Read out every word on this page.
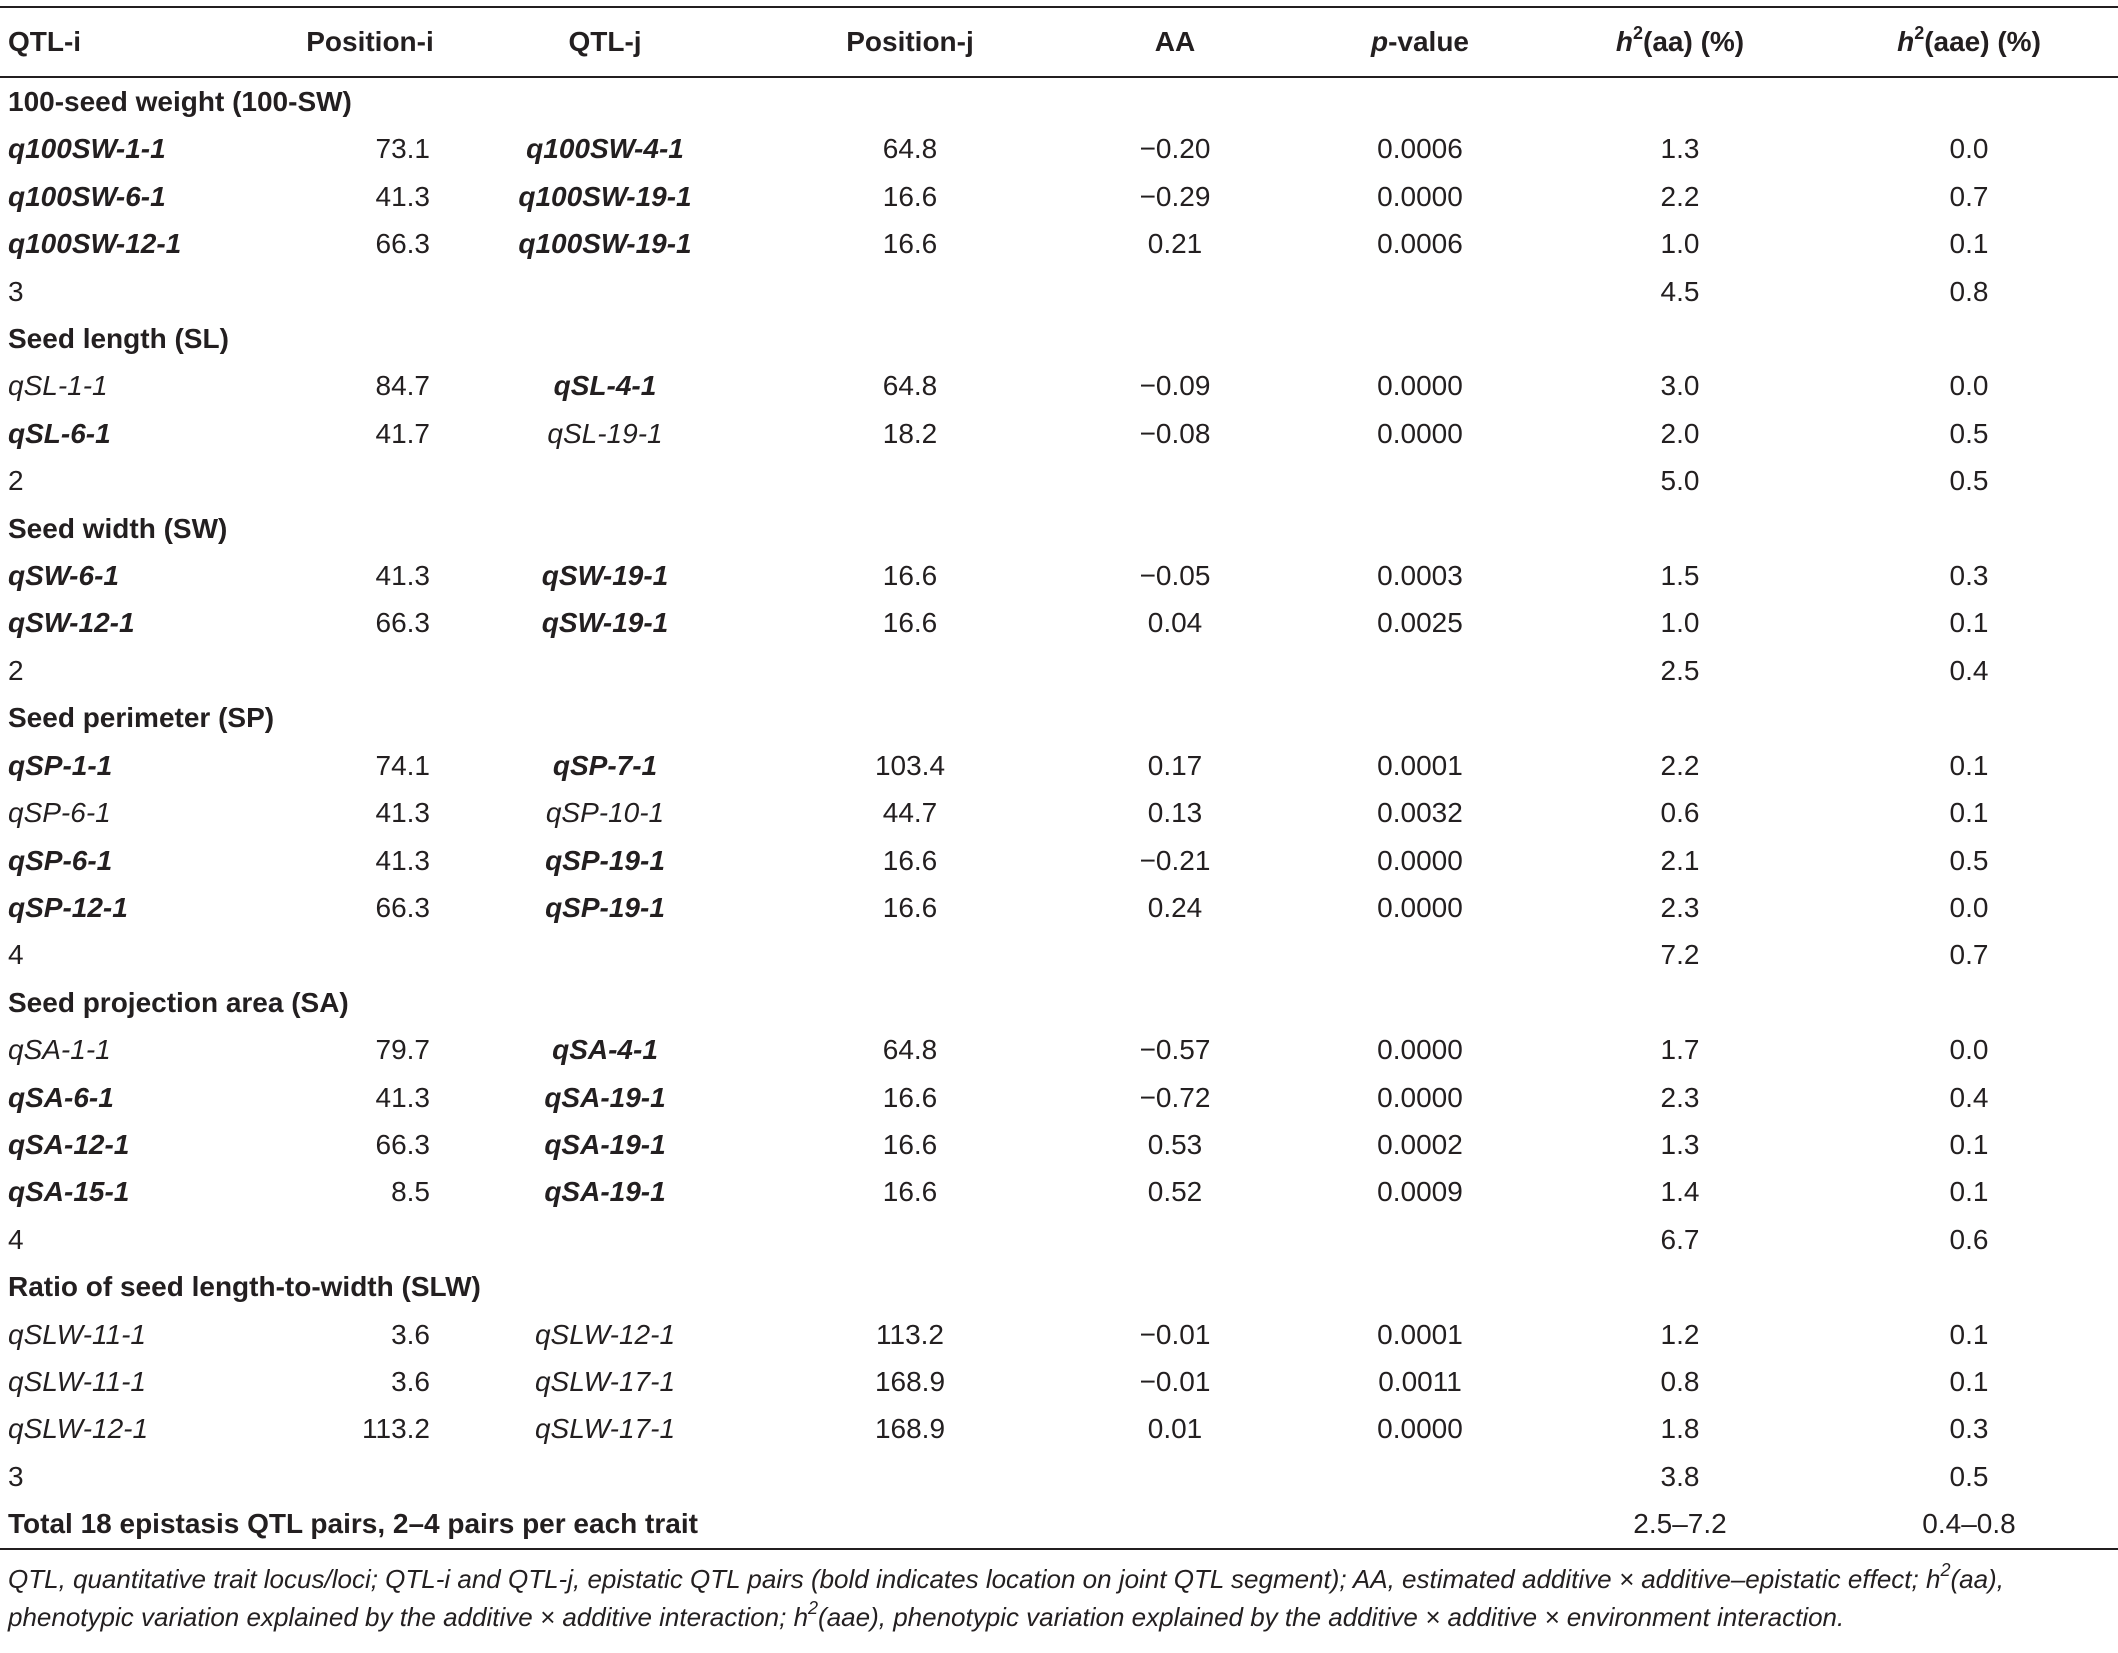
QTL-i	Position-i	QTL-j	Position-j	AA	p-value	$h^2(aa)$ (%)	$h^2(aae)$ (%)
100-seed weight (100-SW)							
q100SW-1-1	73.1	q100SW-4-1	64.8	−0.20	0.0006	1.3	0.0
q100SW-6-1	41.3	q100SW-19-1	16.6	−0.29	0.0000	2.2	0.7
q100SW-12-1	66.3	q100SW-19-1	16.6	0.21	0.0006	1.0	0.1
3						4.5	0.8
Seed length (SL)							
qSL-1-1	84.7	qSL-4-1	64.8	−0.09	0.0000	3.0	0.0
qSL-6-1	41.7	qSL-19-1	18.2	−0.08	0.0000	2.0	0.5
2						5.0	0.5
Seed width (SW)							
qSW-6-1	41.3	qSW-19-1	16.6	−0.05	0.0003	1.5	0.3
qSW-12-1	66.3	qSW-19-1	16.6	0.04	0.0025	1.0	0.1
2						2.5	0.4
Seed perimeter (SP)							
qSP-1-1	74.1	qSP-7-1	103.4	0.17	0.0001	2.2	0.1
qSP-6-1	41.3	qSP-10-1	44.7	0.13	0.0032	0.6	0.1
qSP-6-1	41.3	qSP-19-1	16.6	−0.21	0.0000	2.1	0.5
qSP-12-1	66.3	qSP-19-1	16.6	0.24	0.0000	2.3	0.0
4						7.2	0.7
Seed projection area (SA)							
qSA-1-1	79.7	qSA-4-1	64.8	−0.57	0.0000	1.7	0.0
qSA-6-1	41.3	qSA-19-1	16.6	−0.72	0.0000	2.3	0.4
qSA-12-1	66.3	qSA-19-1	16.6	0.53	0.0002	1.3	0.1
qSA-15-1	8.5	qSA-19-1	16.6	0.52	0.0009	1.4	0.1
4						6.7	0.6
Ratio of seed length-to-width (SLW)							
qSLW-11-1	3.6	qSLW-12-1	113.2	−0.01	0.0001	1.2	0.1
qSLW-11-1	3.6	qSLW-17-1	168.9	−0.01	0.0011	0.8	0.1
qSLW-12-1	113.2	qSLW-17-1	168.9	0.01	0.0000	1.8	0.3
3						3.8	0.5
Total 18 epistasis QTL pairs, 2–4 pairs per each trait						2.5–7.2	0.4–0.8
QTL, quantitative trait locus/loci; QTL-i and QTL-j, epistatic QTL pairs (bold indicates location on joint QTL segment); AA, estimated additive × additive–epistatic effect; $h^2(aa)$, phenotypic variation explained by the additive × additive interaction; $h^2(aae)$, phenotypic variation explained by the additive × additive × environment interaction.
